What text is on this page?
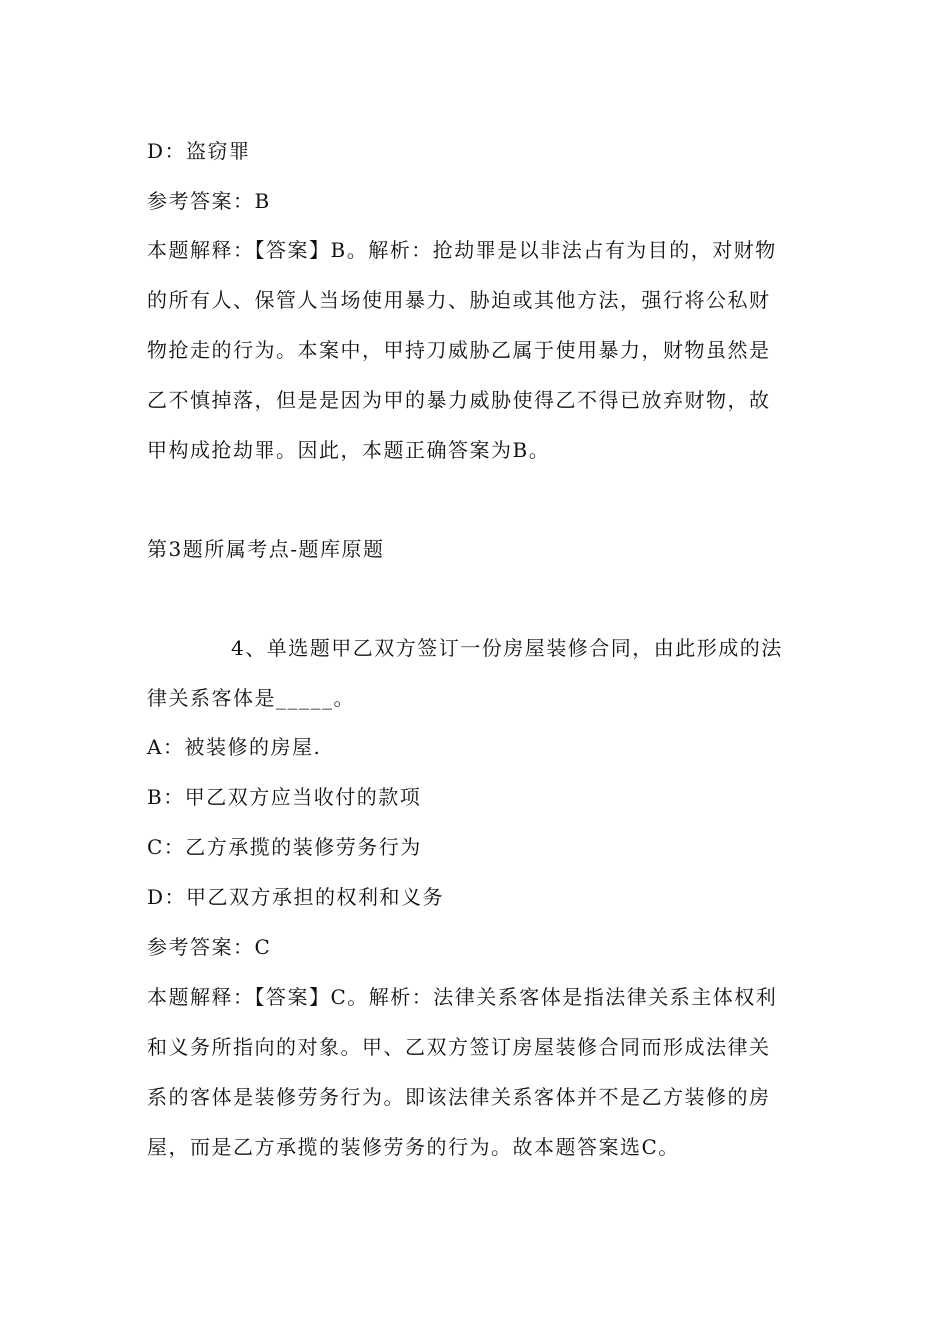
D：盗窃罪
参考答案：B
本题解释：【答案】B。解析：抢劫罪是以非法占有为目的，对财物
的所有人、保管人当场使用暴力、胁迫或其他方法，强行将公私财
物抢走的行为。本案中，甲持刀威胁乙属于使用暴力，财物虽然是
乙不慎掉落，但是是因为甲的暴力威胁使得乙不得已放弃财物，故
甲构成抢劫罪。因此，本题正确答案为B。
第3题所属考点-题库原题
4、单选题甲乙双方签订一份房屋装修合同，由此形成的法
律关系客体是_____。
A：被装修的房屋.
B：甲乙双方应当收付的款项
C：乙方承揽的装修劳务行为
D：甲乙双方承担的权利和义务
参考答案：C
本题解释：【答案】C。解析：法律关系客体是指法律关系主体权利
和义务所指向的对象。甲、乙双方签订房屋装修合同而形成法律关
系的客体是装修劳务行为。即该法律关系客体并不是乙方装修的房
屋，而是乙方承揽的装修劳务的行为。故本题答案选C。
